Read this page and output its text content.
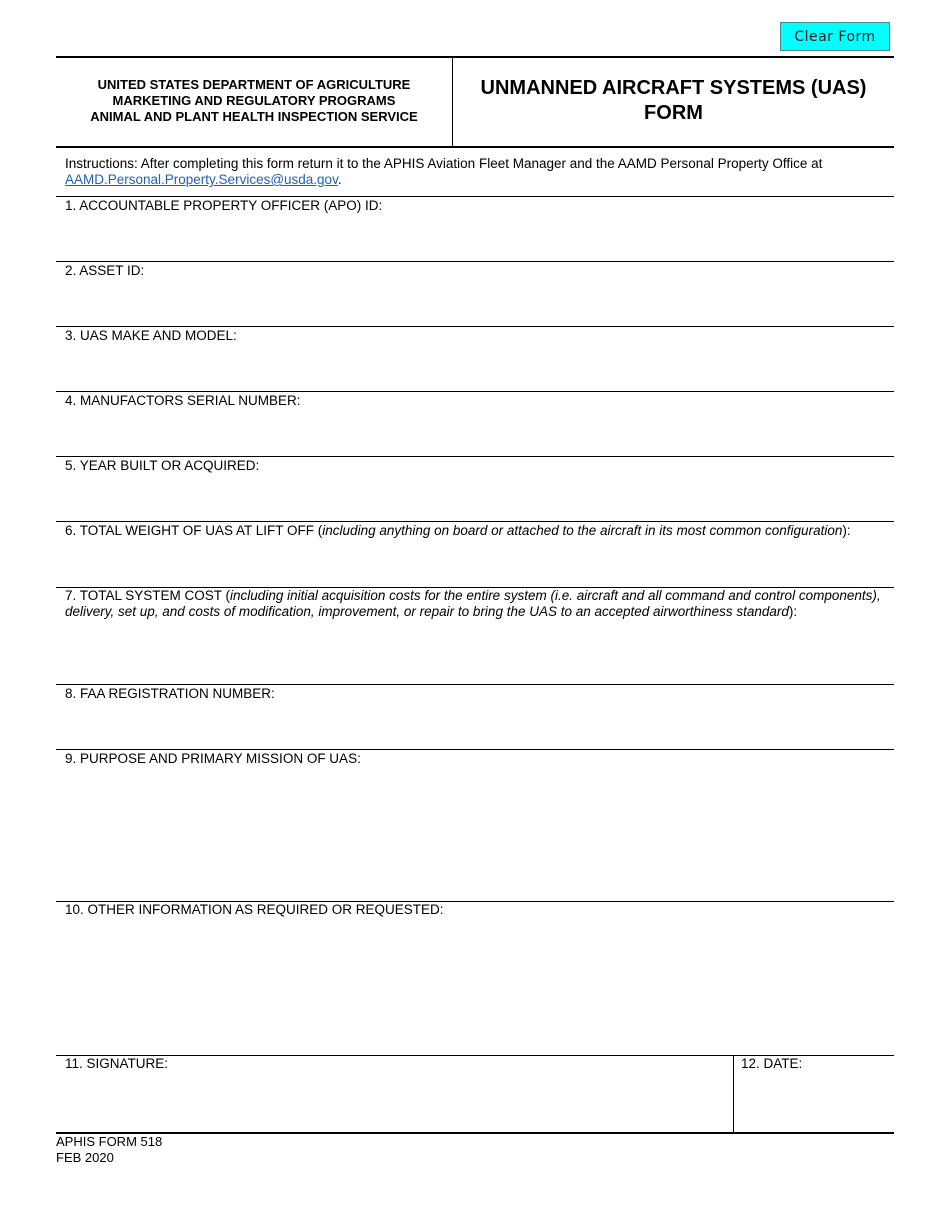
Clear Form
UNITED STATES DEPARTMENT OF AGRICULTURE
MARKETING AND REGULATORY PROGRAMS
ANIMAL AND PLANT HEALTH INSPECTION SERVICE
UNMANNED AIRCRAFT SYSTEMS (UAS)
FORM
Instructions: After completing this form return it to the APHIS Aviation Fleet Manager and the AAMD Personal Property Office at AAMD.Personal.Property.Services@usda.gov.
1. ACCOUNTABLE PROPERTY OFFICER (APO) ID:
2. ASSET ID:
3. UAS MAKE AND MODEL:
4. MANUFACTORS SERIAL NUMBER:
5. YEAR BUILT OR ACQUIRED:
6. TOTAL WEIGHT OF UAS AT LIFT OFF (including anything on board or attached to the aircraft in its most common configuration):
7. TOTAL SYSTEM COST (including initial acquisition costs for the entire system (i.e. aircraft and all command and control components), delivery, set up, and costs of modification, improvement, or repair to bring the UAS to an accepted airworthiness standard):
8. FAA REGISTRATION NUMBER:
9. PURPOSE AND PRIMARY MISSION OF UAS:
10. OTHER INFORMATION AS REQUIRED OR REQUESTED:
11. SIGNATURE:	12. DATE:
APHIS FORM 518
FEB 2020
